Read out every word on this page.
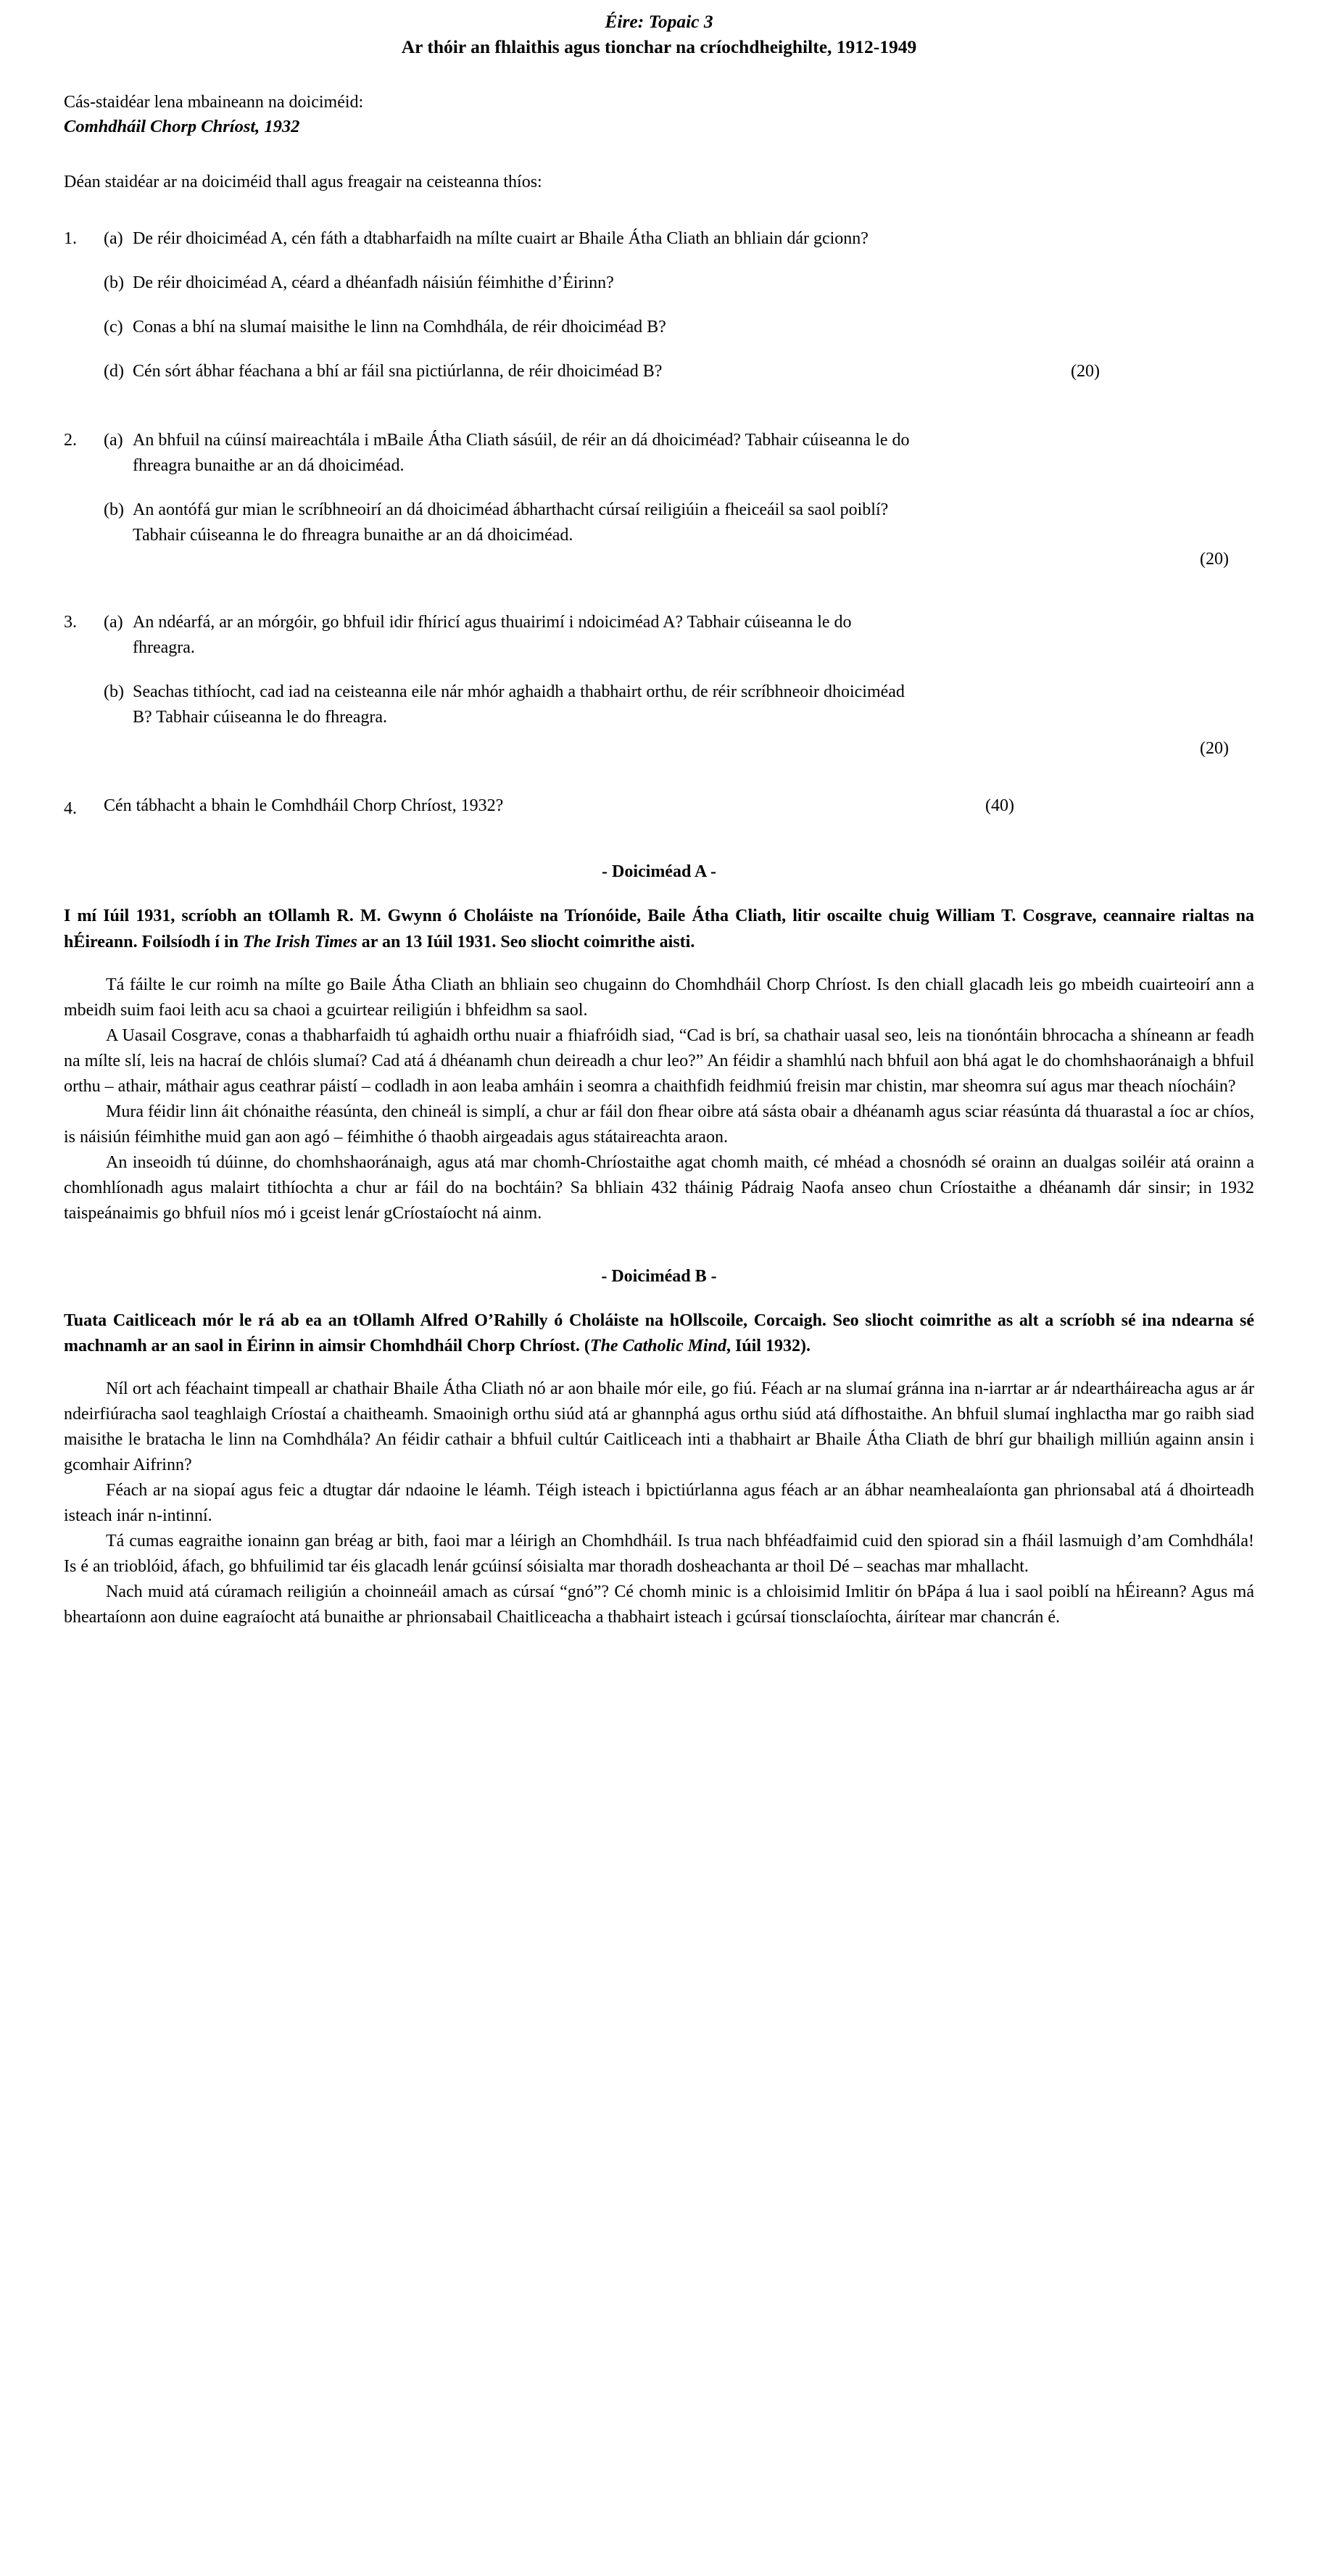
Éire: Topaic 3
Ar thóir an fhlaithis agus tionchar na críochdheighilte, 1912-1949
Cás-staidéar lena mbaineann na doiciméid:
Comhdháil Chorp Chríost, 1932
Déan staidéar ar na doiciméid thall agus freagair na ceisteanna thíos:
1.	(a) De réir dhoiciméad A, cén fáth a dtabharfaidh na mílte cuairt ar Bhaile Átha Cliath an bhliain dár gcionn?
(b) De réir dhoiciméad A, céard a dhéanfadh náisiún féimhithe d’Éirinn?
(c) Conas a bhí na slumaí maisithe le linn na Comhdhála, de réir dhoiciméad B?
(d) Cén sórt ábhar féachana a bhí ar fáil sna pictiúrlanna, de réir dhoiciméad B?	(20)
2.	(a) An bhfuil na cúinsí maireachtála i mBaile Átha Cliath sásúil, de réir an dá dhoiciméad? Tabhair cúiseanna le do fhreagra bunaithe ar an dá dhoiciméad.
(b) An aontófá gur mian le scríbhneoirí an dá dhoiciméad ábharthacht cúrsaí reiligiúin a fheiceáil sa saol poiblí? Tabhair cúiseanna le do fhreagra bunaithe ar an dá dhoiciméad.
(20)
3.	(a) An ndéarfá, ar an mórgóir, go bhfuil idir fhíricí agus thuairimí i ndoiciméad A? Tabhair cúiseanna le do fhreagra.
(b) Seachas tithíocht, cad iad na ceisteanna eile nár mhór aghaidh a thabhairt orthu, de réir scríbhneoir dhoiciméad B? Tabhair cúiseanna le do fhreagra.
(20)
4.	Cén tábhacht a bhain le Comhdháil Chorp Chríost, 1932?	(40)
- Doiciméad A -
I mí Iúil 1931, scríobh an tOllamh R. M. Gwynn ó Choláiste na Tríonóide, Baile Átha Cliath, litir oscailte chuig William T. Cosgrave, ceannaire rialtas na hÉireann. Foilsíodh í in The Irish Times ar an 13 Iúil 1931. Seo sliocht coimrithe aisti.

Tá fáilte le cur roimh na mílte go Baile Átha Cliath an bhliain seo chugainn do Chomhdháil Chorp Chríost. Is den chiall glacadh leis go mbeidh cuairteoirí ann a mbeidh suim faoi leith acu sa chaoi a gcuirtear reiligiún i bhfeidhm sa saol.

A Uasail Cosgrave, conas a thabharfaidh tú aghaidh orthu nuair a fhiafróidh siad, “Cad is brí, sa chathair uasal seo, leis na tionóntáin bhrocacha a shíneann ar feadh na mílte slí, leis na hacraí de chlóis slumaí? Cad atá á dhéanamh chun deireadh a chur leo?” An féidir a shamhlú nach bhfuil aon bhá agat le do chomhshaoránaigh a bhfuil orthu – athair, máthair agus ceathrar páistí – codladh in aon leaba amháin i seomra a chaithfidh feidhmiú freisin mar chistin, mar sheomra suí agus mar theach níocháin?

Mura féidir linn áit chónaithe réasúnta, den chineál is simplí, a chur ar fáil don fhear oibre atá sásta obair a dhéanamh agus sciar réasúnta dá thuarastal a íoc ar chíos, is náisiún féimhithe muid gan aon agó – féimhithe ó thaobh airgeadais agus státaireachta araon.

An inseoidh tú dúinne, do chomhshaoránaigh, agus atá mar chomh-Chríostaithe agat chomh maith, cé mhéad a chosnódh sé orainn an dualgas soiléir atá orainn a chomhlíonadh agus malairt tithíochta a chur ar fáil do na bochtáin? Sa bhliain 432 tháinig Pádraig Naofa anseo chun Críostaithe a dhéanamh dár sinsir; in 1932 taispeánaimis go bhfuil níos mó i gceist lenár gCríostaíocht ná ainm.

- Doiciméad B -
Tuata Caitliceach mór le rá ab ea an tOllamh Alfred O’Rahilly ó Choláiste na hOllscoile, Corcaigh. Seo sliocht coimrithe as alt a scríobh sé ina ndearna sé machnamh ar an saol in Éirinn in aimsir Chomhdháil Chorp Chríost. (The Catholic Mind, Iúil 1932).

Níl ort ach féachaint timpeall ar chathair Bhaile Átha Cliath nó ar aon bhaile mór eile, go fiú. Féach ar na slumaí gránna ina n-iarrtar ar ár ndeartháireacha agus ar ár ndeirfiúracha saol teaghlaigh Críostaí a chaitheamh. Smaoinigh orthu siúd atá ar ghannphá agus orthu siúd atá dífhostaithe. An bhfuil slumaí inghlactha mar go raibh siad maisithe le bratacha le linn na Comhdhála? An féidir cathair a bhfuil cultúr Caitliceach inti a thabhairt ar Bhaile Átha Cliath de bhrí gur bhailigh milliún againn ansin i gcomhair Aifrinn?

Féach ar na siopaí agus feic a dtugtar dár ndaoine le léamh. Téigh isteach i bpictiúrlanna agus féach ar an ábhar neamhealaíonta gan phrionsabal atá á dhoirteadh isteach inár n-intinní.

Tá cumas eagraithe ionainn gan bréag ar bith, faoi mar a léirigh an Chomhdháil. Is trua nach bhféadfaimid cuid den spiorad sin a fháil lasmuigh d’am Comhdhála! Is é an trioblóid, áfach, go bhfuilimid tar éis glacadh lenár gcúinsí sóisialta mar thoradh dosheachanta ar thoil Dé – seachas mar mhallacht.

Nach muid atá cúramach reiligiún a choinneáil amach as cúrsaí “gnó”? Cé chomh minic is a chloisimid Imlitir ón bPápa á lua i saol poiblí na hÉireann? Agus má bheartaíonn aon duine eagraíocht atá bunaithe ar phrionsabail Chaitliceacha a thabhairt isteach i gcúrsaí tionsclaíochta, áirítear mar chancrán é.
